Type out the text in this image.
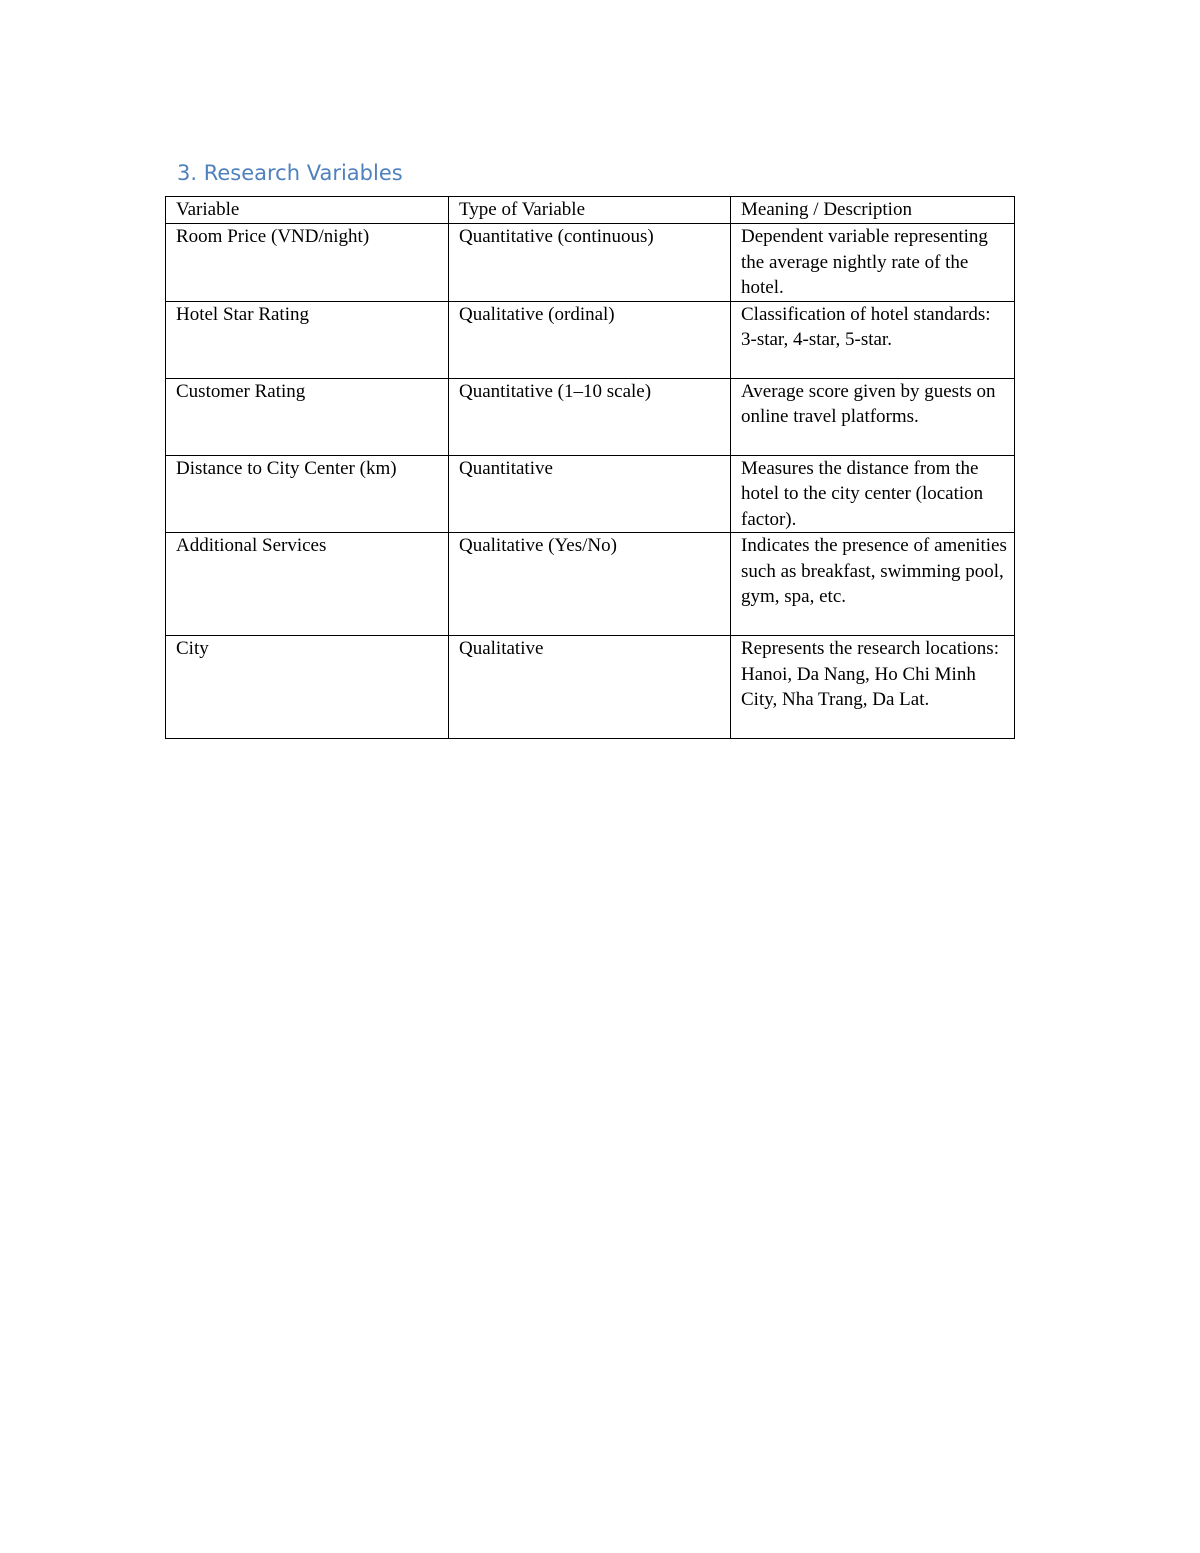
3. Research Variables
Variable	Type of Variable	Meaning / Description
Room Price (VND/night)	Quantitative (continuous)	Dependent variable representing the average nightly rate of the hotel.
Hotel Star Rating	Qualitative (ordinal)	Classification of hotel standards: 3-star, 4-star, 5-star.
Customer Rating	Quantitative (1–10 scale)	Average score given by guests on online travel platforms.
Distance to City Center (km)	Quantitative	Measures the distance from the hotel to the city center (location factor).
Additional Services	Qualitative (Yes/No)	Indicates the presence of amenities such as breakfast, swimming pool, gym, spa, etc.
City	Qualitative	Represents the research locations: Hanoi, Da Nang, Ho Chi Minh City, Nha Trang, Da Lat.
